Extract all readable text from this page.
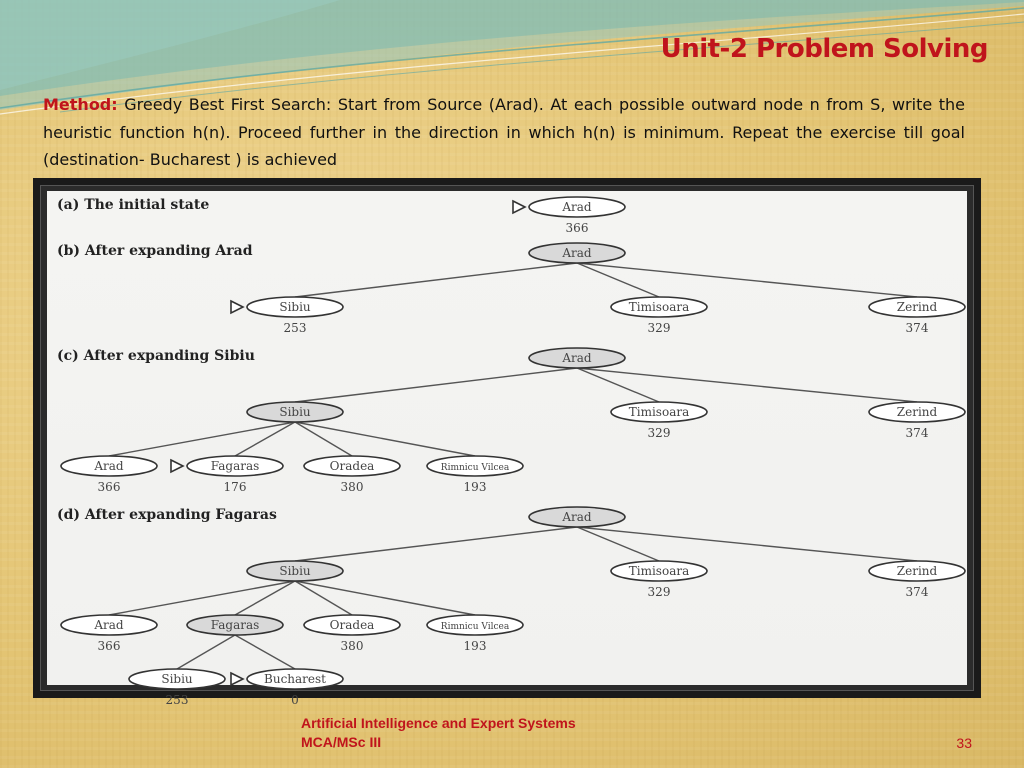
Unit-2 Problem Solving
Method: Greedy Best First Search: Start from Source (Arad). At each possible outward node n from S, write the heuristic function h(n). Proceed further in the direction in which h(n) is minimum. Repeat the exercise till goal (destination- Bucharest ) is achieved
(a) The initial state	Arad
366
(b) After expanding Arad	Arad
Sibiu
253
Timisoara
329
Zerind
374
(c) After expanding Sibiu	Arad
Sibiu	Timisoara
329
Zerind
374
Arad
366
Fagaras
176
Oradea
380
Rimnicu Vilcea
193
(d) After expanding Fagaras	Arad
Sibiu	Timisoara
329
Zerind
374
Arad
366
Fagaras	Oradea
380
Rimnicu Vilcea
193
Sibiu
253
Bucharest
0
Artificial Intelligence and Expert Systems
MCA/MSc III	33
